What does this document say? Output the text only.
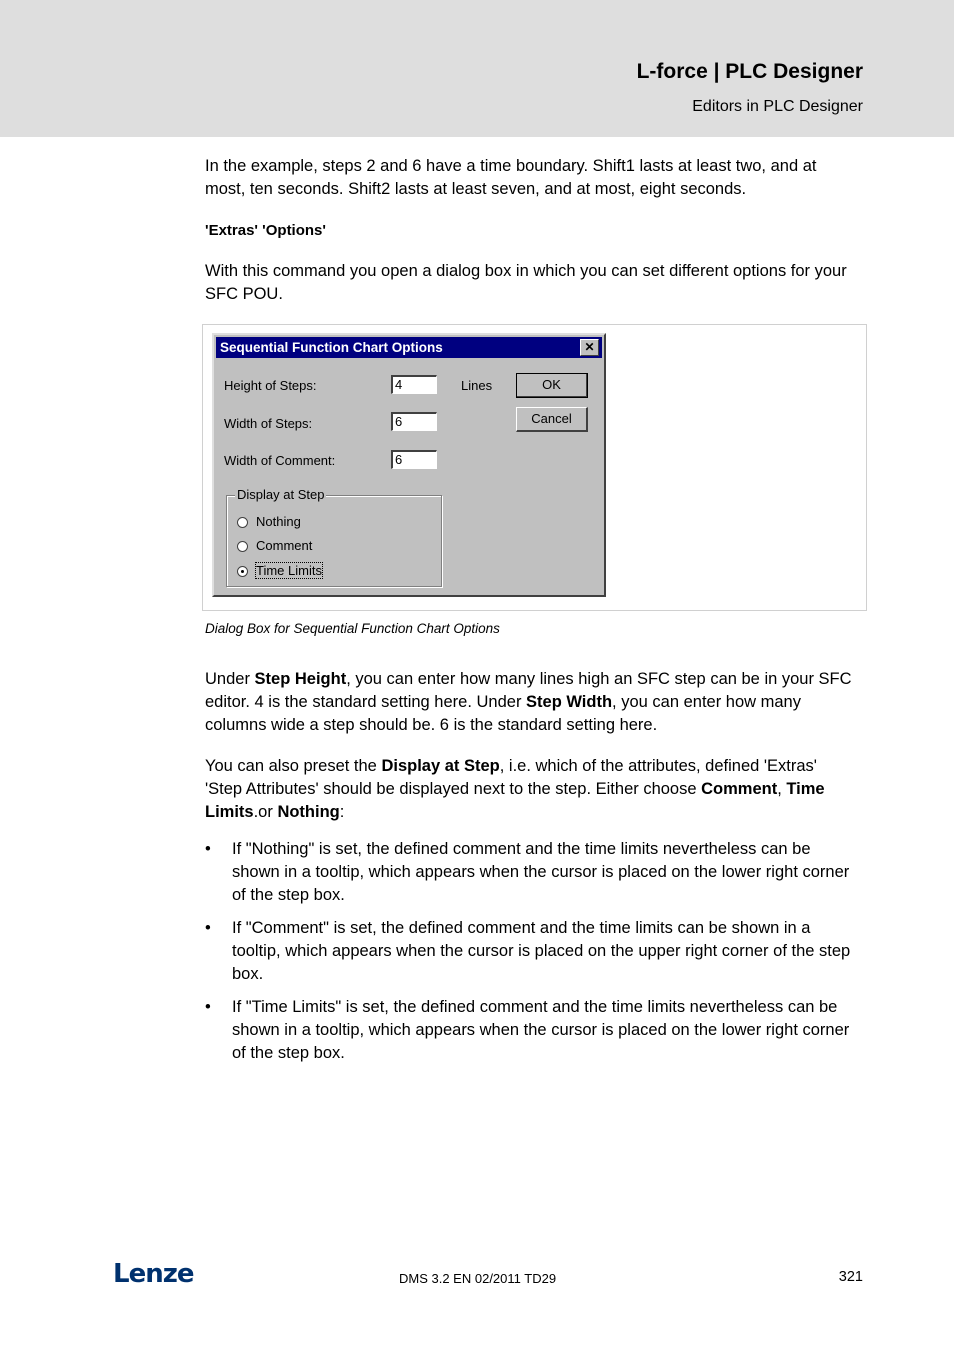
L-force | PLC Designer
Editors in PLC Designer

In the example, steps 2 and 6 have a time boundary. Shift1 lasts at least two, and at most, ten seconds. Shift2 lasts at least seven, and at most, eight seconds.

'Extras' 'Options'

With this command you open a dialog box in which you can set different options for your SFC POU.

Sequential Function Chart Options	✕
Height of Steps:	4	Lines
Width of Steps:	6
Width of Comment:	6
OK
Cancel
Display at Step
Nothing
Comment
Time Limits
Dialog Box for Sequential Function Chart Options

Under Step Height, you can enter how many lines high an SFC step can be in your SFC editor. 4 is the standard setting here. Under Step Width, you can enter how many columns wide a step should be. 6 is the standard setting here.

You can also preset the Display at Step, i.e. which of the attributes, defined 'Extras' 'Step Attributes' should be displayed next to the step. Either choose Comment, Time Limits.or Nothing:

• If "Nothing" is set, the defined comment and the time limits nevertheless can be shown in a tooltip, which appears when the cursor is placed on the lower right corner of the step box.
• If "Comment" is set, the defined comment and the time limits can be shown in a tooltip, which appears when the cursor is placed on the upper right corner of the step box.
• If "Time Limits" is set, the defined comment and the time limits nevertheless can be shown in a tooltip, which appears when the cursor is placed on the lower right corner of the step box.
Lenze	DMS 3.2 EN 02/2011 TD29	321
